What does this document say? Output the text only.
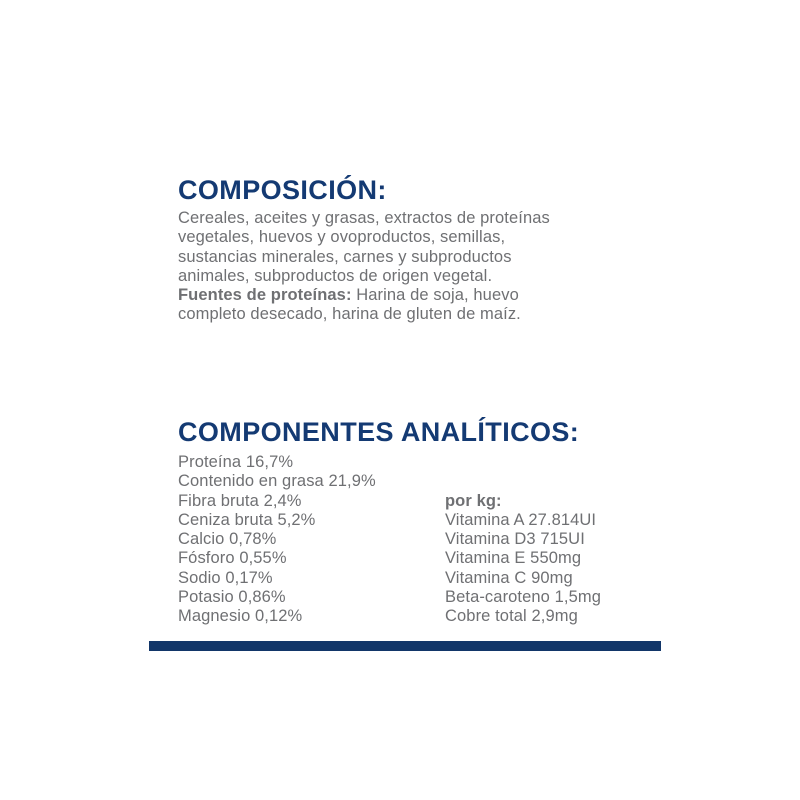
COMPOSICIÓN:
Cereales, aceites y grasas, extractos de proteínas
vegetales, huevos y ovoproductos, semillas,
sustancias minerales, carnes y subproductos
animales, subproductos de origen vegetal.
Fuentes de proteínas: Harina de soja, huevo
completo desecado, harina de gluten de maíz.
COMPONENTES ANALÍTICOS:
Proteína 16,7%
Contenido en grasa 21,9%
Fibra bruta 2,4%
Ceniza bruta 5,2%
Calcio 0,78%
Fósforo 0,55%
Sodio 0,17%
Potasio 0,86%
Magnesio 0,12%
por kg:
Vitamina A 27.814UI
Vitamina D3 715UI
Vitamina E 550mg
Vitamina C 90mg
Beta-caroteno 1,5mg
Cobre total 2,9mg
